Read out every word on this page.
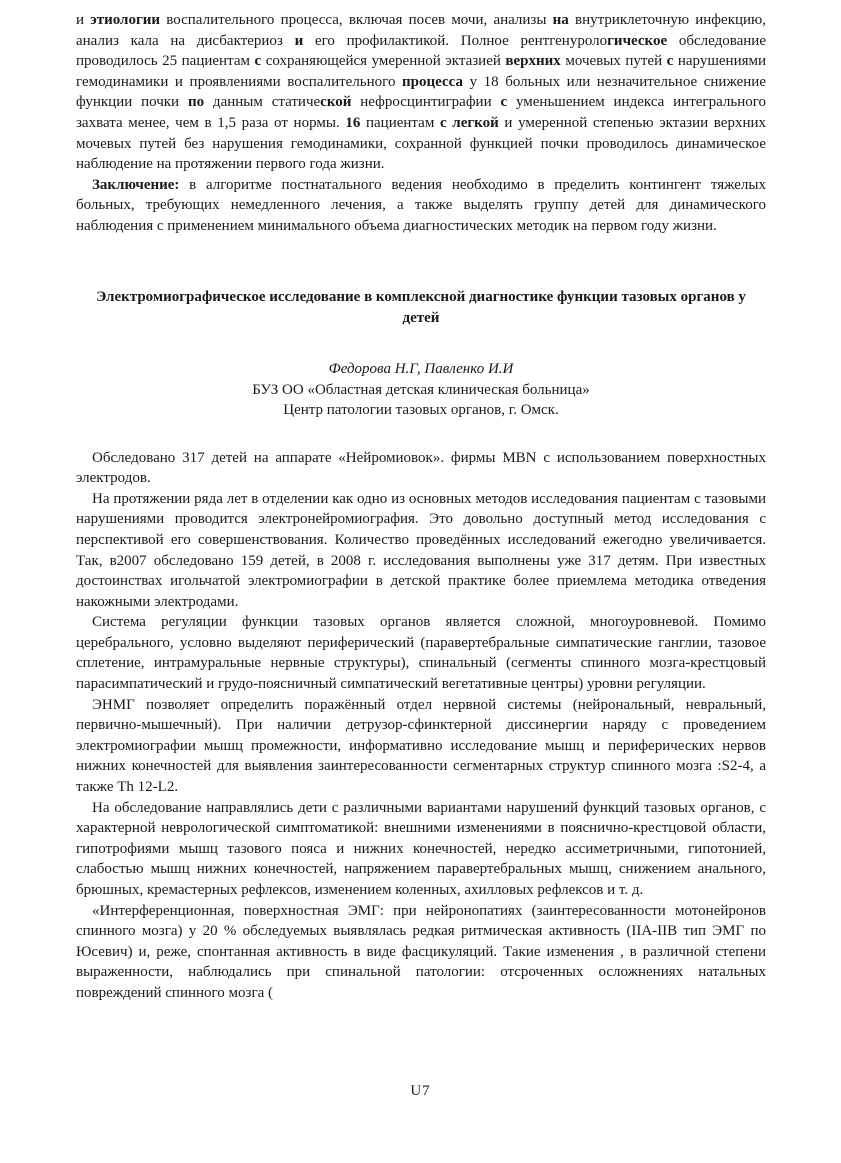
и этиологии воспалительного процесса, включая посев мочи, анализы на внутриклеточную инфекцию, анализ кала на дисбактериоз и его профилактикой. Полное рентгенурологическое обследование проводилось 25 пациентам с сохраняющейся умеренной эктазией верхних мочевых путей с нарушениями гемодинамики и проявлениями воспалительного процесса у 18 больных или незначительное снижение функции почки по данным статической нефросцинтиграфии с уменьшением индекса интегрального захвата менее, чем в 1,5 раза от нормы. 16 пациентам с легкой и умеренной степенью эктазии верхних мочевых путей без нарушения гемодинамики, сохранной функцией почки проводилось динамическое наблюдение на протяжении первого года жизни.

Заключение: в алгоритме постнатального ведения необходимо в пределить контингент тяжелых больных, требующих немедленного лечения, а также выделять группу детей для динамического наблюдения с применением минимального объема диагностических методик на первом году жизни.

Электромиографическое исследование в комплексной диагностике функции тазовых органов у детей

Федорова Н.Г, Павленко И.И

БУЗ ОО «Областная детская клиническая больница»

Центр патологии тазовых органов, г. Омск.

Обследовано 317 детей на аппарате «Нейромиовок». фирмы MBN с использованием поверхностных электродов.

На протяжении ряда лет в отделении как одно из основных методов исследования пациентам с тазовыми нарушениями проводится электронейромиография. Это довольно доступный метод исследования с перспективой его совершенствования. Количество проведённых исследований ежегодно увеличивается. Так, в2007 обследовано 159 детей, в 2008 г. исследования выполнены уже 317 детям. При известных достоинствах игольчатой электромиографии в детской практике более приемлема методика отведения накожными электродами.

Система регуляции функции тазовых органов является сложной, многоуровневой. Помимо церебрального, условно выделяют периферический (паравертебральные симпатические ганглии, тазовое сплетение, интрамуральные нервные структуры), спинальный (сегменты спинного мозга-крестцовый парасимпатический и грудо-поясничный симпатический вегетативные центры) уровни регуляции.

ЭНМГ позволяет определить поражённый отдел нервной системы (нейрональный, невральный, первично-мышечный). При наличии детрузор-сфинктерной диссинергии наряду с проведением электромиографии мышц промежности, информативно исследование мышц и периферических нервов нижних конечностей для выявления заинтересованности сегментарных структур спинного мозга :S2-4, а также Th 12-L2.

На обследование направлялись дети с различными вариантами нарушений функций тазовых органов, с характерной неврологической симптоматикой: внешними изменениями в пояснично-крестцовой области, гипотрофиями мышц тазового пояса и нижних конечностей, нередко ассиметричными, гипотонией, слабостью мышц нижних конечностей, напряжением паравертебральных мышц, снижением анального, брюшных, кремастерных рефлексов, изменением коленных, ахилловых рефлексов и т. д.

«Интерференционная, поверхностная ЭМГ: при нейронопатиях (заинтересованности мотонейронов спинного мозга) у 20 % обследуемых выявлялась редкая ритмическая активность (IIA-IIB тип ЭМГ по Юсевич) и, реже, спонтанная активность в виде фасцикуляций. Такие изменения , в различной степени выраженности, наблюдались при спинальной патологии: отсроченных осложнениях натальных повреждений спинного мозга (

U7
